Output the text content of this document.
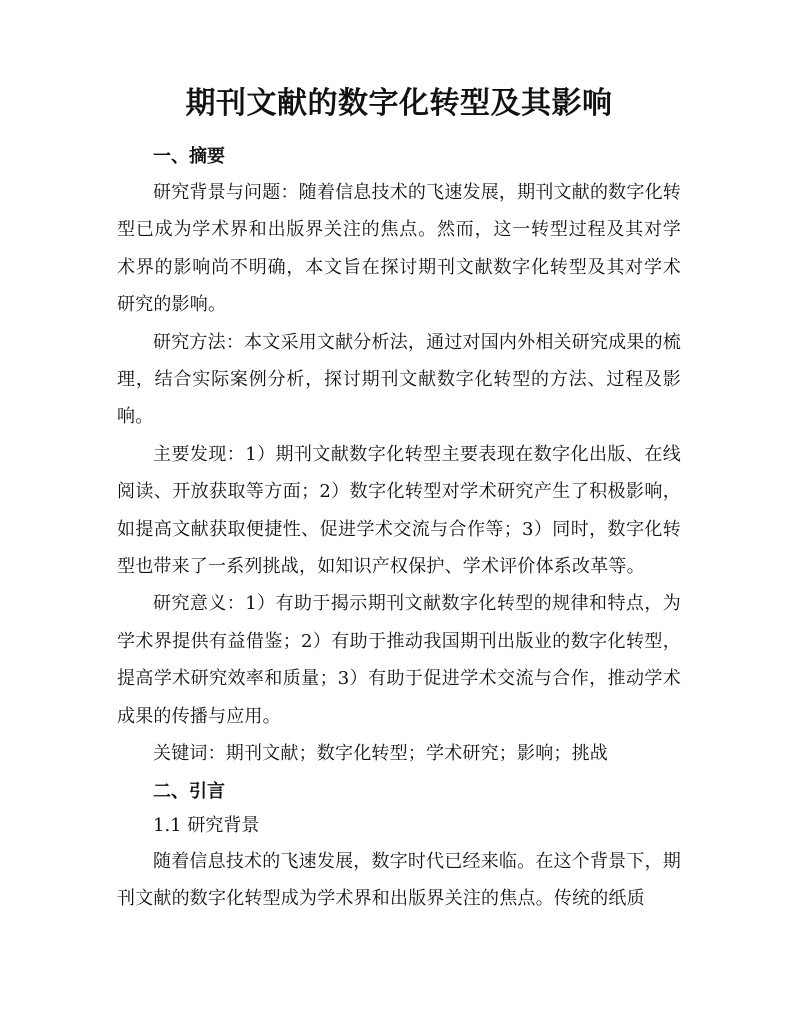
期刊文献的数字化转型及其影响
一、摘要

研究背景与问题：随着信息技术的飞速发展，期刊文献的数字化转型已成为学术界和出版界关注的焦点。然而，这一转型过程及其对学术界的影响尚不明确，本文旨在探讨期刊文献数字化转型及其对学术研究的影响。

研究方法：本文采用文献分析法，通过对国内外相关研究成果的梳理，结合实际案例分析，探讨期刊文献数字化转型的方法、过程及影响。

主要发现：1）期刊文献数字化转型主要表现在数字化出版、在线阅读、开放获取等方面；2）数字化转型对学术研究产生了积极影响，如提高文献获取便捷性、促进学术交流与合作等；3）同时，数字化转型也带来了一系列挑战，如知识产权保护、学术评价体系改革等。

研究意义：1）有助于揭示期刊文献数字化转型的规律和特点，为学术界提供有益借鉴；2）有助于推动我国期刊出版业的数字化转型，提高学术研究效率和质量；3）有助于促进学术交流与合作，推动学术成果的传播与应用。

关键词：期刊文献；数字化转型；学术研究；影响；挑战

二、引言
1.1 研究背景

随着信息技术的飞速发展，数字时代已经来临。在这个背景下，期刊文献的数字化转型成为学术界和出版界关注的焦点。传统的纸质
